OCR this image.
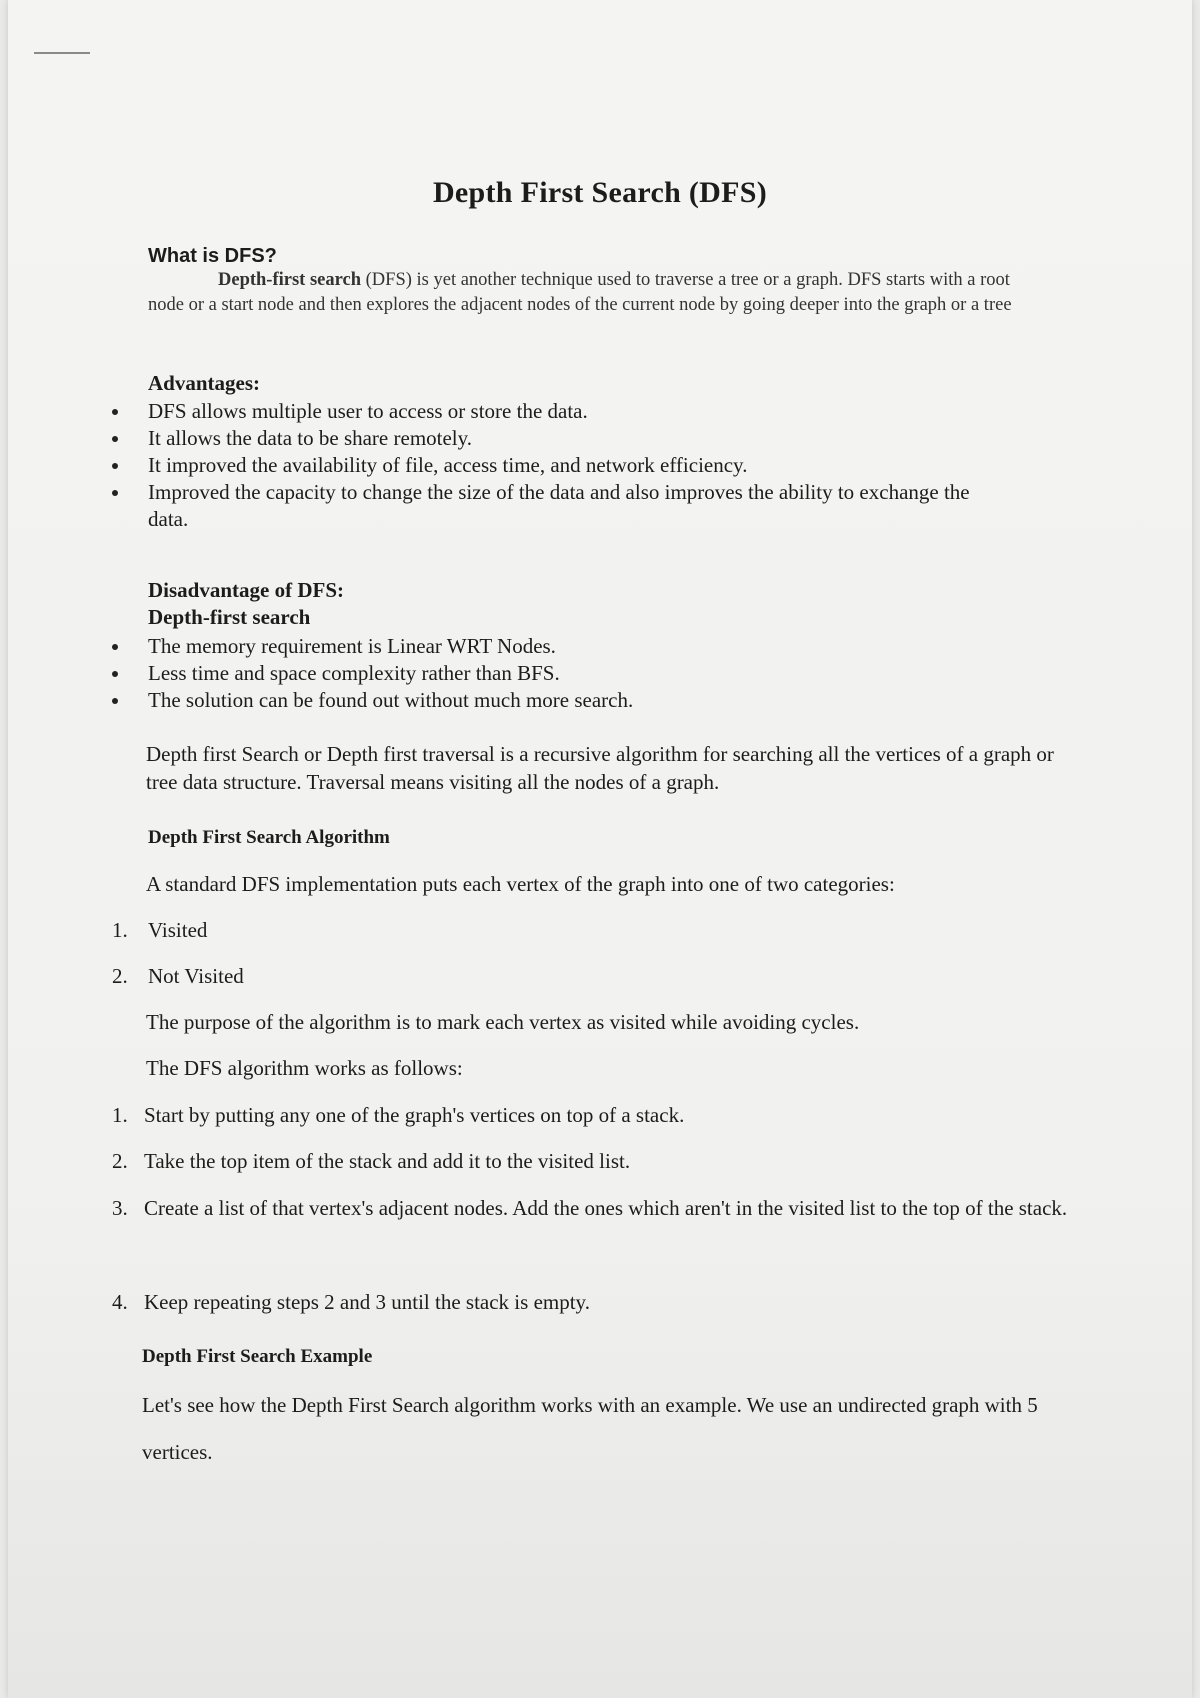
Depth First Search (DFS)
What is DFS?
Depth-first search (DFS) is yet another technique used to traverse a tree or a graph. DFS starts with a root node or a start node and then explores the adjacent nodes of the current node by going deeper into the graph or a tree
Advantages:
DFS allows multiple user to access or store the data.
It allows the data to be share remotely.
It improved the availability of file, access time, and network efficiency.
Improved the capacity to change the size of the data and also improves the ability to exchange the data.
Disadvantage of DFS:
Depth-first search
The memory requirement is Linear WRT Nodes.
Less time and space complexity rather than BFS.
The solution can be found out without much more search.
Depth first Search or Depth first traversal is a recursive algorithm for searching all the vertices of a graph or tree data structure. Traversal means visiting all the nodes of a graph.
Depth First Search Algorithm
A standard DFS implementation puts each vertex of the graph into one of two categories:
1. Visited
2. Not Visited
The purpose of the algorithm is to mark each vertex as visited while avoiding cycles.
The DFS algorithm works as follows:
1. Start by putting any one of the graph's vertices on top of a stack.
2. Take the top item of the stack and add it to the visited list.
3. Create a list of that vertex's adjacent nodes. Add the ones which aren't in the visited list to the top of the stack.
4. Keep repeating steps 2 and 3 until the stack is empty.
Depth First Search Example
Let's see how the Depth First Search algorithm works with an example. We use an undirected graph with 5 vertices.
